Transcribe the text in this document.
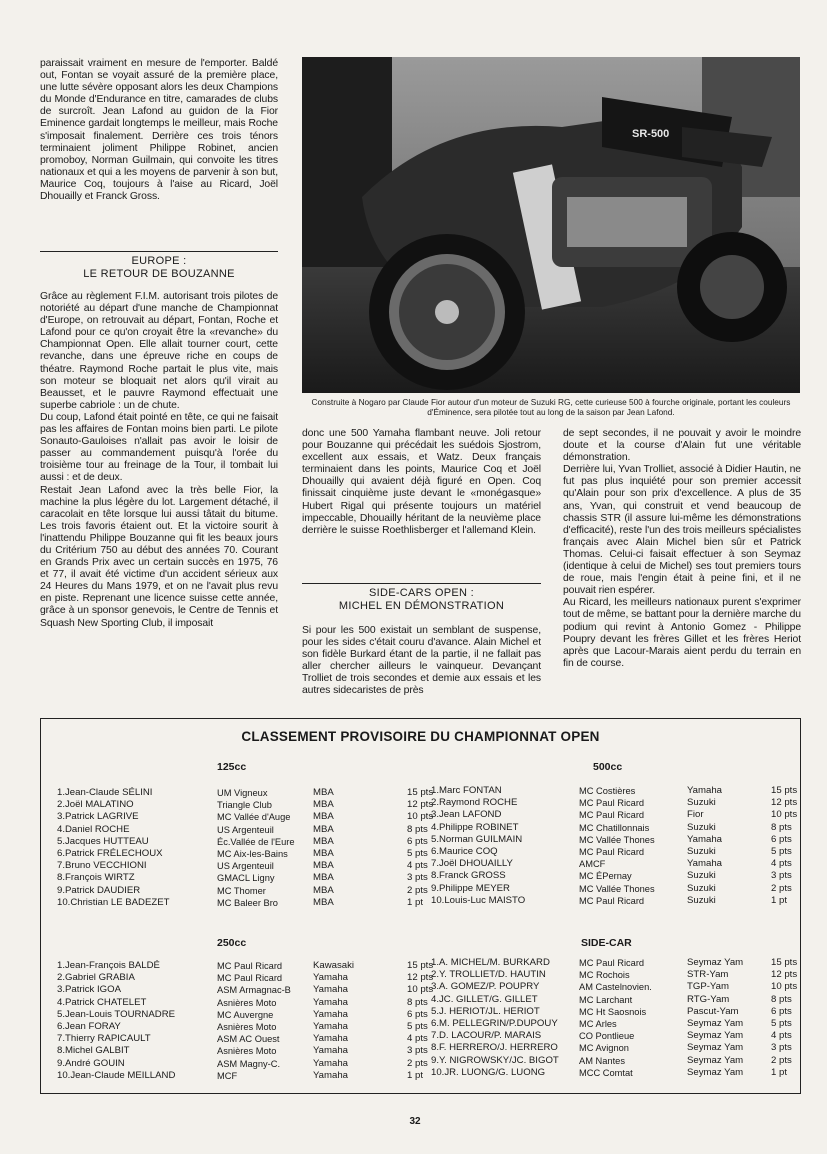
paraissait vraiment en mesure de l'emporter. Baldé out, Fontan se voyait assuré de la première place, une lutte sévère opposant alors les deux Champions du Monde d'Endurance en titre, camarades de clubs de surcroît. Jean Lafond au guidon de la Fior Eminence gardait longtemps le meilleur, mais Roche s'imposait finalement. Derrière ces trois ténors terminaient joliment Philippe Robinet, ancien promoboy, Norman Guilmain, qui convoite les titres nationaux et qui a les moyens de parvenir à son but, Maurice Coq, toujours à l'aise au Ricard, Joël Dhouailly et Franck Gross.

EUROPE :
LE RETOUR DE BOUZANNE

Grâce au règlement F.I.M. autorisant trois pilotes de notoriété au départ d'une manche de Championnat d'Europe, on retrouvait au départ, Fontan, Roche et Lafond pour ce qu'on croyait être la «revanche» du Championnat Open. Elle allait tourner court, cette revanche, dans une épreuve riche en coups de théatre. Raymond Roche partait le plus vite, mais son moteur se bloquait net alors qu'il virait au Beausset, et le pauvre Raymond effectuait une superbe cabriole : un de chute.

Du coup, Lafond était pointé en tête, ce qui ne faisait pas les affaires de Fontan moins bien parti. Le pilote Sonauto-Gauloises n'allait pas avoir le loisir de passer au commandement puisqu'à l'orée du troisième tour au freinage de la Tour, il tombait lui aussi : et de deux.

Restait Jean Lafond avec la très belle Fior, la machine la plus légère du lot. Largement détaché, il caracolait en tête lorsque lui aussi tâtait du bitume. Les trois favoris étaient out. Et la victoire sourit à l'inattendu Philippe Bouzanne qui fit les beaux jours du Critérium 750 au début des années 70. Courant en Grands Prix avec un certain succès en 1975, 76 et 77, il avait été victime d'un accident sérieux aux 24 Heures du Mans 1979, et on ne l'avait plus revu en piste. Reprenant une licence suisse cette année, grâce à un sponsor genevois, le Centre de Tennis et Squash New Sporting Club, il imposait

SR-500
Construite à Nogaro par Claude Fior autour d'un moteur de Suzuki RG, cette curieuse 500 à fourche originale, portant les couleurs d'Éminence, sera pilotée tout au long de la saison par Jean Lafond.

donc une 500 Yamaha flambant neuve. Joli retour pour Bouzanne qui précédait les suédois Sjostrom, excellent aux essais, et Watz. Deux français terminaient dans les points, Maurice Coq et Joël Dhouailly qui avaient déjà figuré en Open. Coq finissait cinquième juste devant le «monégasque» Hubert Rigal qui présente toujours un matériel impeccable, Dhouailly héritant de la neuvième place derrière le suisse Roethlisberger et l'allemand Klein.

SIDE-CARS OPEN :
MICHEL EN DÉMONSTRATION

Si pour les 500 existait un semblant de suspense, pour les sides c'était couru d'avance. Alain Michel et son fidèle Burkard étant de la partie, il ne fallait pas aller chercher ailleurs le vainqueur. Devançant Trolliet de trois secondes et demie aux essais et les autres sidecaristes de près

de sept secondes, il ne pouvait y avoir le moindre doute et la course d'Alain fut une véritable démonstration.

Derrière lui, Yvan Trolliet, associé à Didier Hautin, ne fut pas plus inquiété pour son premier accessit qu'Alain pour son prix d'excellence. A plus de 35 ans, Yvan, qui construit et vend beaucoup de chassis STR (il assure lui-même les démonstrations d'efficacité), reste l'un des trois meilleurs spécialistes français avec Alain Michel bien sûr et Patrick Thomas. Celui-ci faisait effectuer à son Seymaz (identique à celui de Michel) ses tout premiers tours de roue, mais l'engin était à peine fini, et il ne pouvait rien espérer.

Au Ricard, les meilleurs nationaux purent s'exprimer tout de même, se battant pour la dernière marche du podium qui revint à Antonio Gomez - Philippe Poupry devant les frères Gillet et les frères Heriot après que Lacour-Marais aient perdu du terrain en fin de course.

CLASSEMENT PROVISOIRE DU CHAMPIONNAT OPEN
125cc	500cc
250cc	SIDE-CAR
1.Jean-Claude SÉLINI	UM Vigneux	MBA	15 pts
2.Joël MALATINO	Triangle Club	MBA	12 pts
3.Patrick LAGRIVE	MC Vallée d'Auge MBA	10 pts
4.Daniel ROCHE	US Argenteuil	MBA	8 pts
5.Jacques HUTTEAU	Éc.Vallée de l'Eure MBA	6 pts
6.Patrick FRÉLECHOUX	MC Aix-les-Bains	MBA	5 pts
7.Bruno VECCHIONI	US Argenteuil	MBA	4 pts
8.François WIRTZ	GMACL Ligny	MBA	3 pts
9.Patrick DAUDIER	MC Thomer	MBA	2 pts
10.Christian LE BADEZET	MC Baleer Bro	MBA	1 pt
1.Marc FONTAN	MC Costières	Yamaha	15 pts
2.Raymond ROCHE	MC Paul Ricard	Suzuki	12 pts
3.Jean LAFOND	MC Paul Ricard	Fior	10 pts
4.Philippe ROBINET	MC Chatillonnais	Suzuki	8 pts
5.Norman GUILMAIN	MC Vallée Thones	Yamaha	6 pts
6.Maurice COQ	MC Paul Ricard	Suzuki	5 pts
7.Joël DHOUAILLY	AMCF	Yamaha	4 pts
8.Franck GROSS	MC ÉPernay	Suzuki	3 pts
9.Philippe MEYER	MC Vallée Thones	Suzuki	2 pts
10.Louis-Luc MAISTO	MC Paul Ricard	Suzuki	1 pt
1.Jean-François BALDÉ	MC Paul Ricard	Kawasaki	15 pts
2.Gabriel GRABIA	MC Paul Ricard	Yamaha	12 pts
3.Patrick IGOA	ASM Armagnac-B Yamaha	10 pts
4.Patrick CHATELET	Asnières Moto	Yamaha	8 pts
5.Jean-Louis TOURNADRE	MC Auvergne	Yamaha	6 pts
6.Jean FORAY	Asnières Moto	Yamaha	5 pts
7.Thierry RAPICAULT	ASM AC Ouest	Yamaha	4 pts
8.Michel GALBIT	Asnières Moto	Yamaha	3 pts
9.André GOUIN	ASM Magny-C.	Yamaha	2 pts
10.Jean-Claude MEILLAND	MCF	Yamaha	1 pt
1.A. MICHEL/M. BURKARD	MC Paul Ricard	Seymaz Yam	15 pts
2.Y. TROLLIET/D. HAUTIN	MC Rochois	STR-Yam	12 pts
3.A. GOMEZ/P. POUPRY	AM Castelnovien.	TGP-Yam	10 pts
4.JC. GILLET/G. GILLET	MC Larchant	RTG-Yam	8 pts
5.J. HERIOT/JL. HERIOT	MC Ht Saosnois	Pascut-Yam	6 pts
6.M. PELLEGRIN/P.DUPOUY MC Arles	Seymaz Yam	5 pts
7.D. LACOUR/P. MARAIS	CO Pontlieue	Seymaz Yam	4 pts
8.F. HERRERO/J. HERRERO MC Avignon	Seymaz Yam	3 pts
9.Y. NIGROWSKY/JC. BIGOT AM Nantes	Seymaz Yam	2 pts
10.JR. LUONG/G. LUONG	MCC Comtat	Seymaz Yam	1 pt
32
